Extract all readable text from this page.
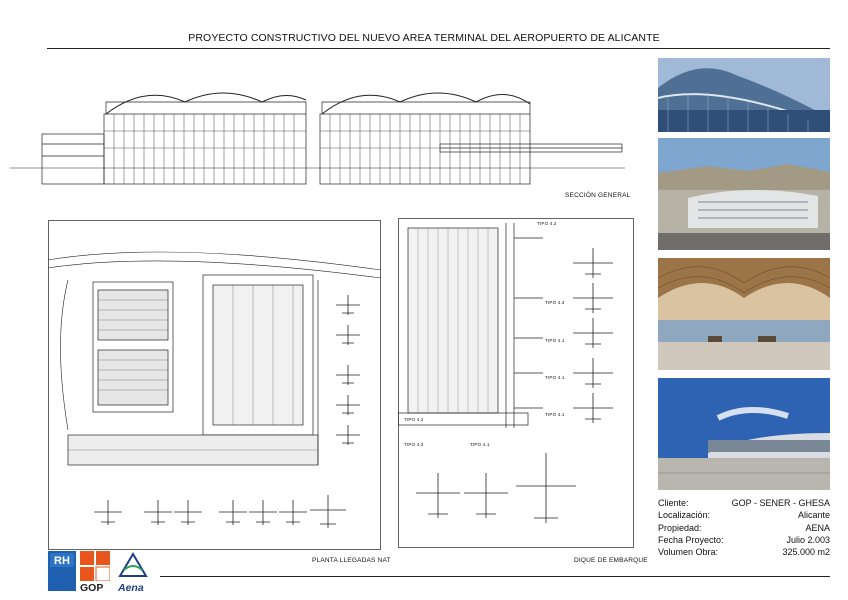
PROYECTO CONSTRUCTIVO DEL NUEVO AREA TERMINAL DEL AEROPUERTO DE ALICANTE
SECCIÓN GENERAL
PLANTA LLEGADAS NAT
TIPO 4.2
TIPO 4.3
TIPO 4.1
TIPO 4.1
TIPO 4.1
TIPO 4.2
TIPO 4.2	TIPO 4.1
DIQUE DE EMBARQUE
Cliente:	GOP - SENER - GHESA
Localización:	Alicante
Propiedad:	AENA
Fecha Proyecto:	Julio 2.003
Volumen Obra:	325.000 m2
RH
GOP Aena
